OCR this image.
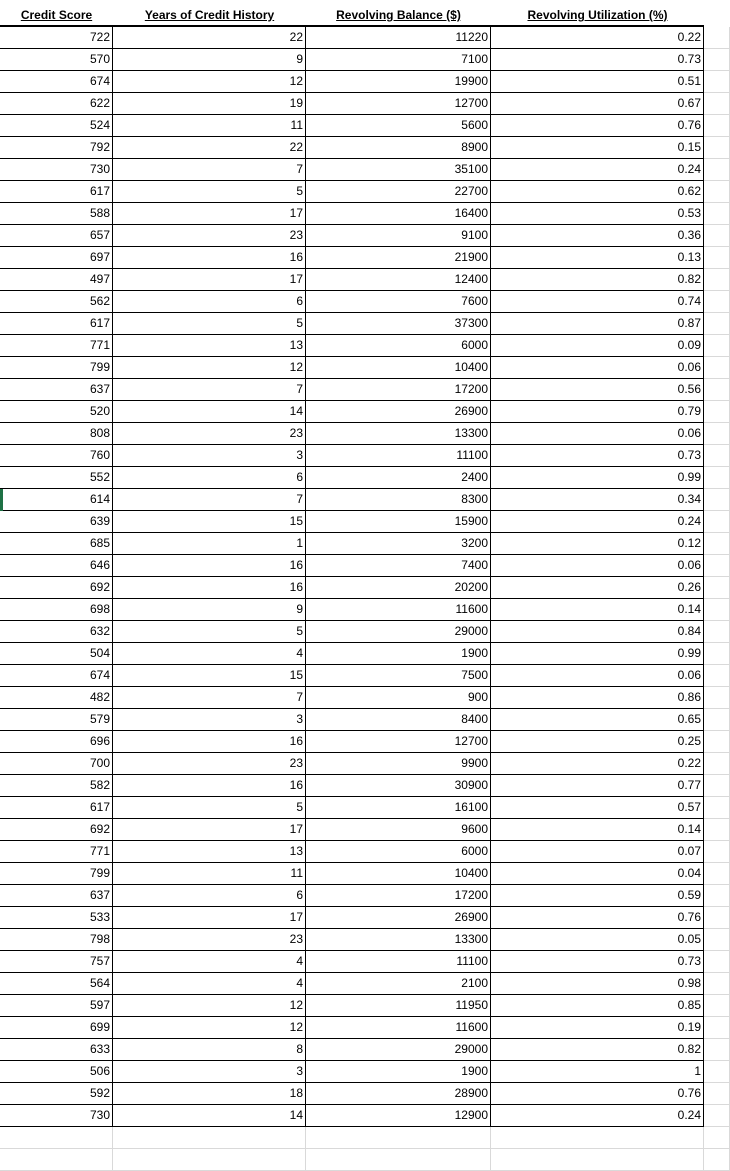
Credit Score	Years of Credit History	Revolving Balance ($)	Revolving Utilization (%)
722	22	11220	0.22
570	9	7100	0.73
674	12	19900	0.51
622	19	12700	0.67
524	11	5600	0.76
792	22	8900	0.15
730	7	35100	0.24
617	5	22700	0.62
588	17	16400	0.53
657	23	9100	0.36
697	16	21900	0.13
497	17	12400	0.82
562	6	7600	0.74
617	5	37300	0.87
771	13	6000	0.09
799	12	10400	0.06
637	7	17200	0.56
520	14	26900	0.79
808	23	13300	0.06
760	3	11100	0.73
552	6	2400	0.99
614	7	8300	0.34
639	15	15900	0.24
685	1	3200	0.12
646	16	7400	0.06
692	16	20200	0.26
698	9	11600	0.14
632	5	29000	0.84
504	4	1900	0.99
674	15	7500	0.06
482	7	900	0.86
579	3	8400	0.65
696	16	12700	0.25
700	23	9900	0.22
582	16	30900	0.77
617	5	16100	0.57
692	17	9600	0.14
771	13	6000	0.07
799	11	10400	0.04
637	6	17200	0.59
533	17	26900	0.76
798	23	13300	0.05
757	4	11100	0.73
564	4	2100	0.98
597	12	11950	0.85
699	12	11600	0.19
633	8	29000	0.82
506	3	1900	1
592	18	28900	0.76
730	14	12900	0.24
